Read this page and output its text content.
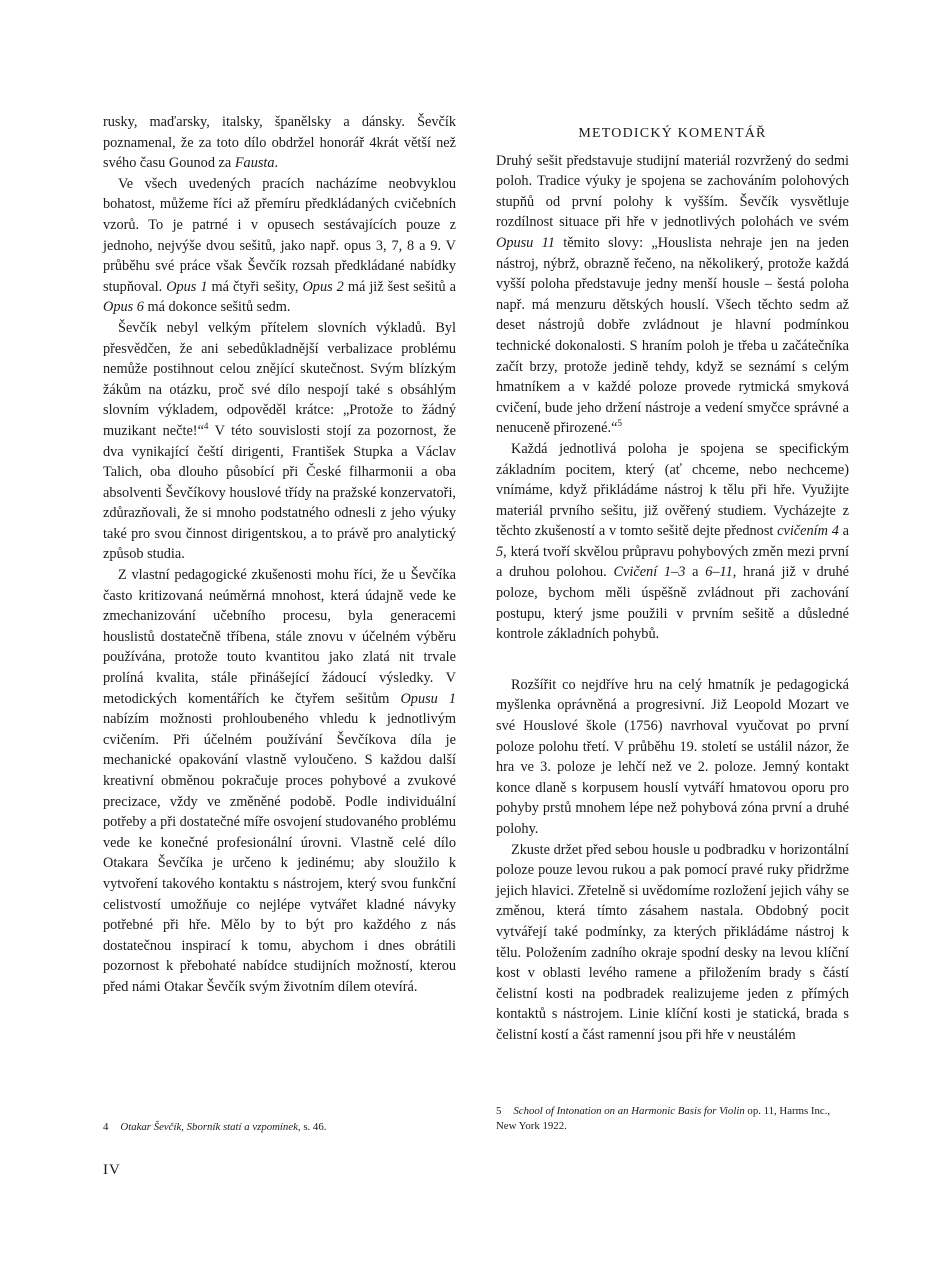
rusky, maďarsky, italsky, španělsky a dánsky. Ševčík poznamenal, že za toto dílo obdržel honorář 4krát větší než svého času Gounod za Fausta.

Ve všech uvedených pracích nacházíme neobvyklou bohatost, můžeme říci až přemíru předkládaných cvičebních vzorů. To je patrné i v opusech sestávajících pouze z jednoho, nejvýše dvou sešitů, jako např. opus 3, 7, 8 a 9. V průběhu své práce však Ševčík rozsah předkládané nabídky stupňoval. Opus 1 má čtyři sešity, Opus 2 má již šest sešitů a Opus 6 má dokonce sešitů sedm.

Ševčík nebyl velkým přítelem slovních výkladů. Byl přesvědčen, že ani sebedůkladnější verbalizace problému nemůže postihnout celou znějící skutečnost. Svým blízkým žákům na otázku, proč své dílo nespojí také s obsáhlým slovním výkladem, odpověděl krátce: „Protože to žádný muzikant nečte!“$^4$ V této souvislosti stojí za pozornost, že dva vynikající čeští dirigenti, František Stupka a Václav Talich, oba dlouho působící při České filharmonii a oba absolventi Ševčíkovy houslové třídy na pražské konzervatoři, zdůrazňovali, že si mnoho podstatného odnesli z jeho výuky také pro svou činnost dirigentskou, a to právě pro analytický způsob studia.

Z vlastní pedagogické zkušenosti mohu říci, že u Ševčíka často kritizovaná neúměrná mnohost, která údajně vede ke zmechanizování učebního procesu, byla generacemi houslistů dostatečně tříbena, stále znovu v účelném výběru používána, protože touto kvantitou jako zlatá nit trvale prolíná kvalita, stále přinášející žádoucí výsledky. V metodických komentářích ke čtyřem sešitům Opusu 1 nabízím možnosti prohloubeného vhledu k jednotlivým cvičením. Při účelném používání Ševčíkova díla je mechanické opakování vlastně vyloučeno. S každou další kreativní obměnou pokračuje proces pohybové a zvukové precizace, vždy ve změněné podobě. Podle individuální potřeby a při dostatečné míře osvojení studovaného problému vede ke konečné profesionální úrovni. Vlastně celé dílo Otakara Ševčíka je určeno k jedinému; aby sloužilo k vytvoření takového kontaktu s nástrojem, který svou funkční celistvostí umožňuje co nejlépe vytvářet kladné návyky potřebné při hře. Mělo by to být pro každého z nás dostatečnou inspirací k tomu, abychom i dnes obrátili pozornost k přebohaté nabídce studijních možností, kterou před námi Otakar Ševčík svým životním dílem otevírá.

METODICKÝ KOMENTÁŘ

Druhý sešit představuje studijní materiál rozvržený do sedmi poloh. Tradice výuky je spojena se zachováním polohových stupňů od první polohy k vyšším. Ševčík vysvětluje rozdílnost situace při hře v jednotlivých polohách ve svém Opusu 11 těmito slovy: „Houslista nehraje jen na jeden nástroj, nýbrž, obrazně řečeno, na několikerý, protože každá vyšší poloha představuje jedny menší housle – šestá poloha např. má menzuru dětských houslí. Všech těchto sedm až deset nástrojů dobře zvládnout je hlavní podmínkou technické dokonalosti. S hraním poloh je třeba u začátečníka začít brzy, protože jedině tehdy, když se seznámí s celým hmatníkem a v každé poloze provede rytmická smyková cvičení, bude jeho držení nástroje a vedení smyčce správné a nenuceně přirozené.“$^5$

Každá jednotlivá poloha je spojena se specifickým základním pocitem, který (ať chceme, nebo nechceme) vnímáme, když přikládáme nástroj k tělu při hře. Využijte materiál prvního sešitu, již ověřený studiem. Vycházejte z těchto zkušeností a v tomto sešitě dejte přednost cvičením 4 a 5, která tvoří skvělou průpravu pohybových změn mezi první a druhou polohou. Cvičení 1–3 a 6–11, hraná již v druhé poloze, bychom měli úspěšně zvládnout při zachování postupu, který jsme použili v prvním sešitě a důsledné kontrole základních pohybů.

Rozšířit co nejdříve hru na celý hmatník je pedagogická myšlenka oprávněná a progresivní. Již Leopold Mozart ve své Houslové škole (1756) navrhoval vyučovat po první poloze polohu třetí. V průběhu 19. století se ustálil názor, že hra ve 3. poloze je lehčí než ve 2. poloze. Jemný kontakt konce dlaně s korpusem houslí vytváří hmatovou oporu pro pohyby prstů mnohem lépe než pohybová zóna první a druhé polohy.

Zkuste držet před sebou housle u podbradku v horizontální poloze pouze levou rukou a pak pomocí pravé ruky přidržme jejich hlavici. Zřetelně si uvědomíme rozložení jejich váhy se změnou, která tímto zásahem nastala. Obdobný pocit vytvářejí také podmínky, za kterých přikládáme nástroj k tělu. Položením zadního okraje spodní desky na levou klíční kost v oblasti levého ramene a přiložením brady s částí čelistní kosti na podbradek realizujeme jeden z přímých kontaktů s nástrojem. Linie klíční kosti je statická, brada s čelistní kostí a část ramenní jsou při hře v neustálém

4 Otakar Ševčík, Sborník statí a vzpomínek, s. 46.
5 School of Intonation on an Harmonic Basis for Violin op. 11, Harms Inc., New York 1922.
IV
